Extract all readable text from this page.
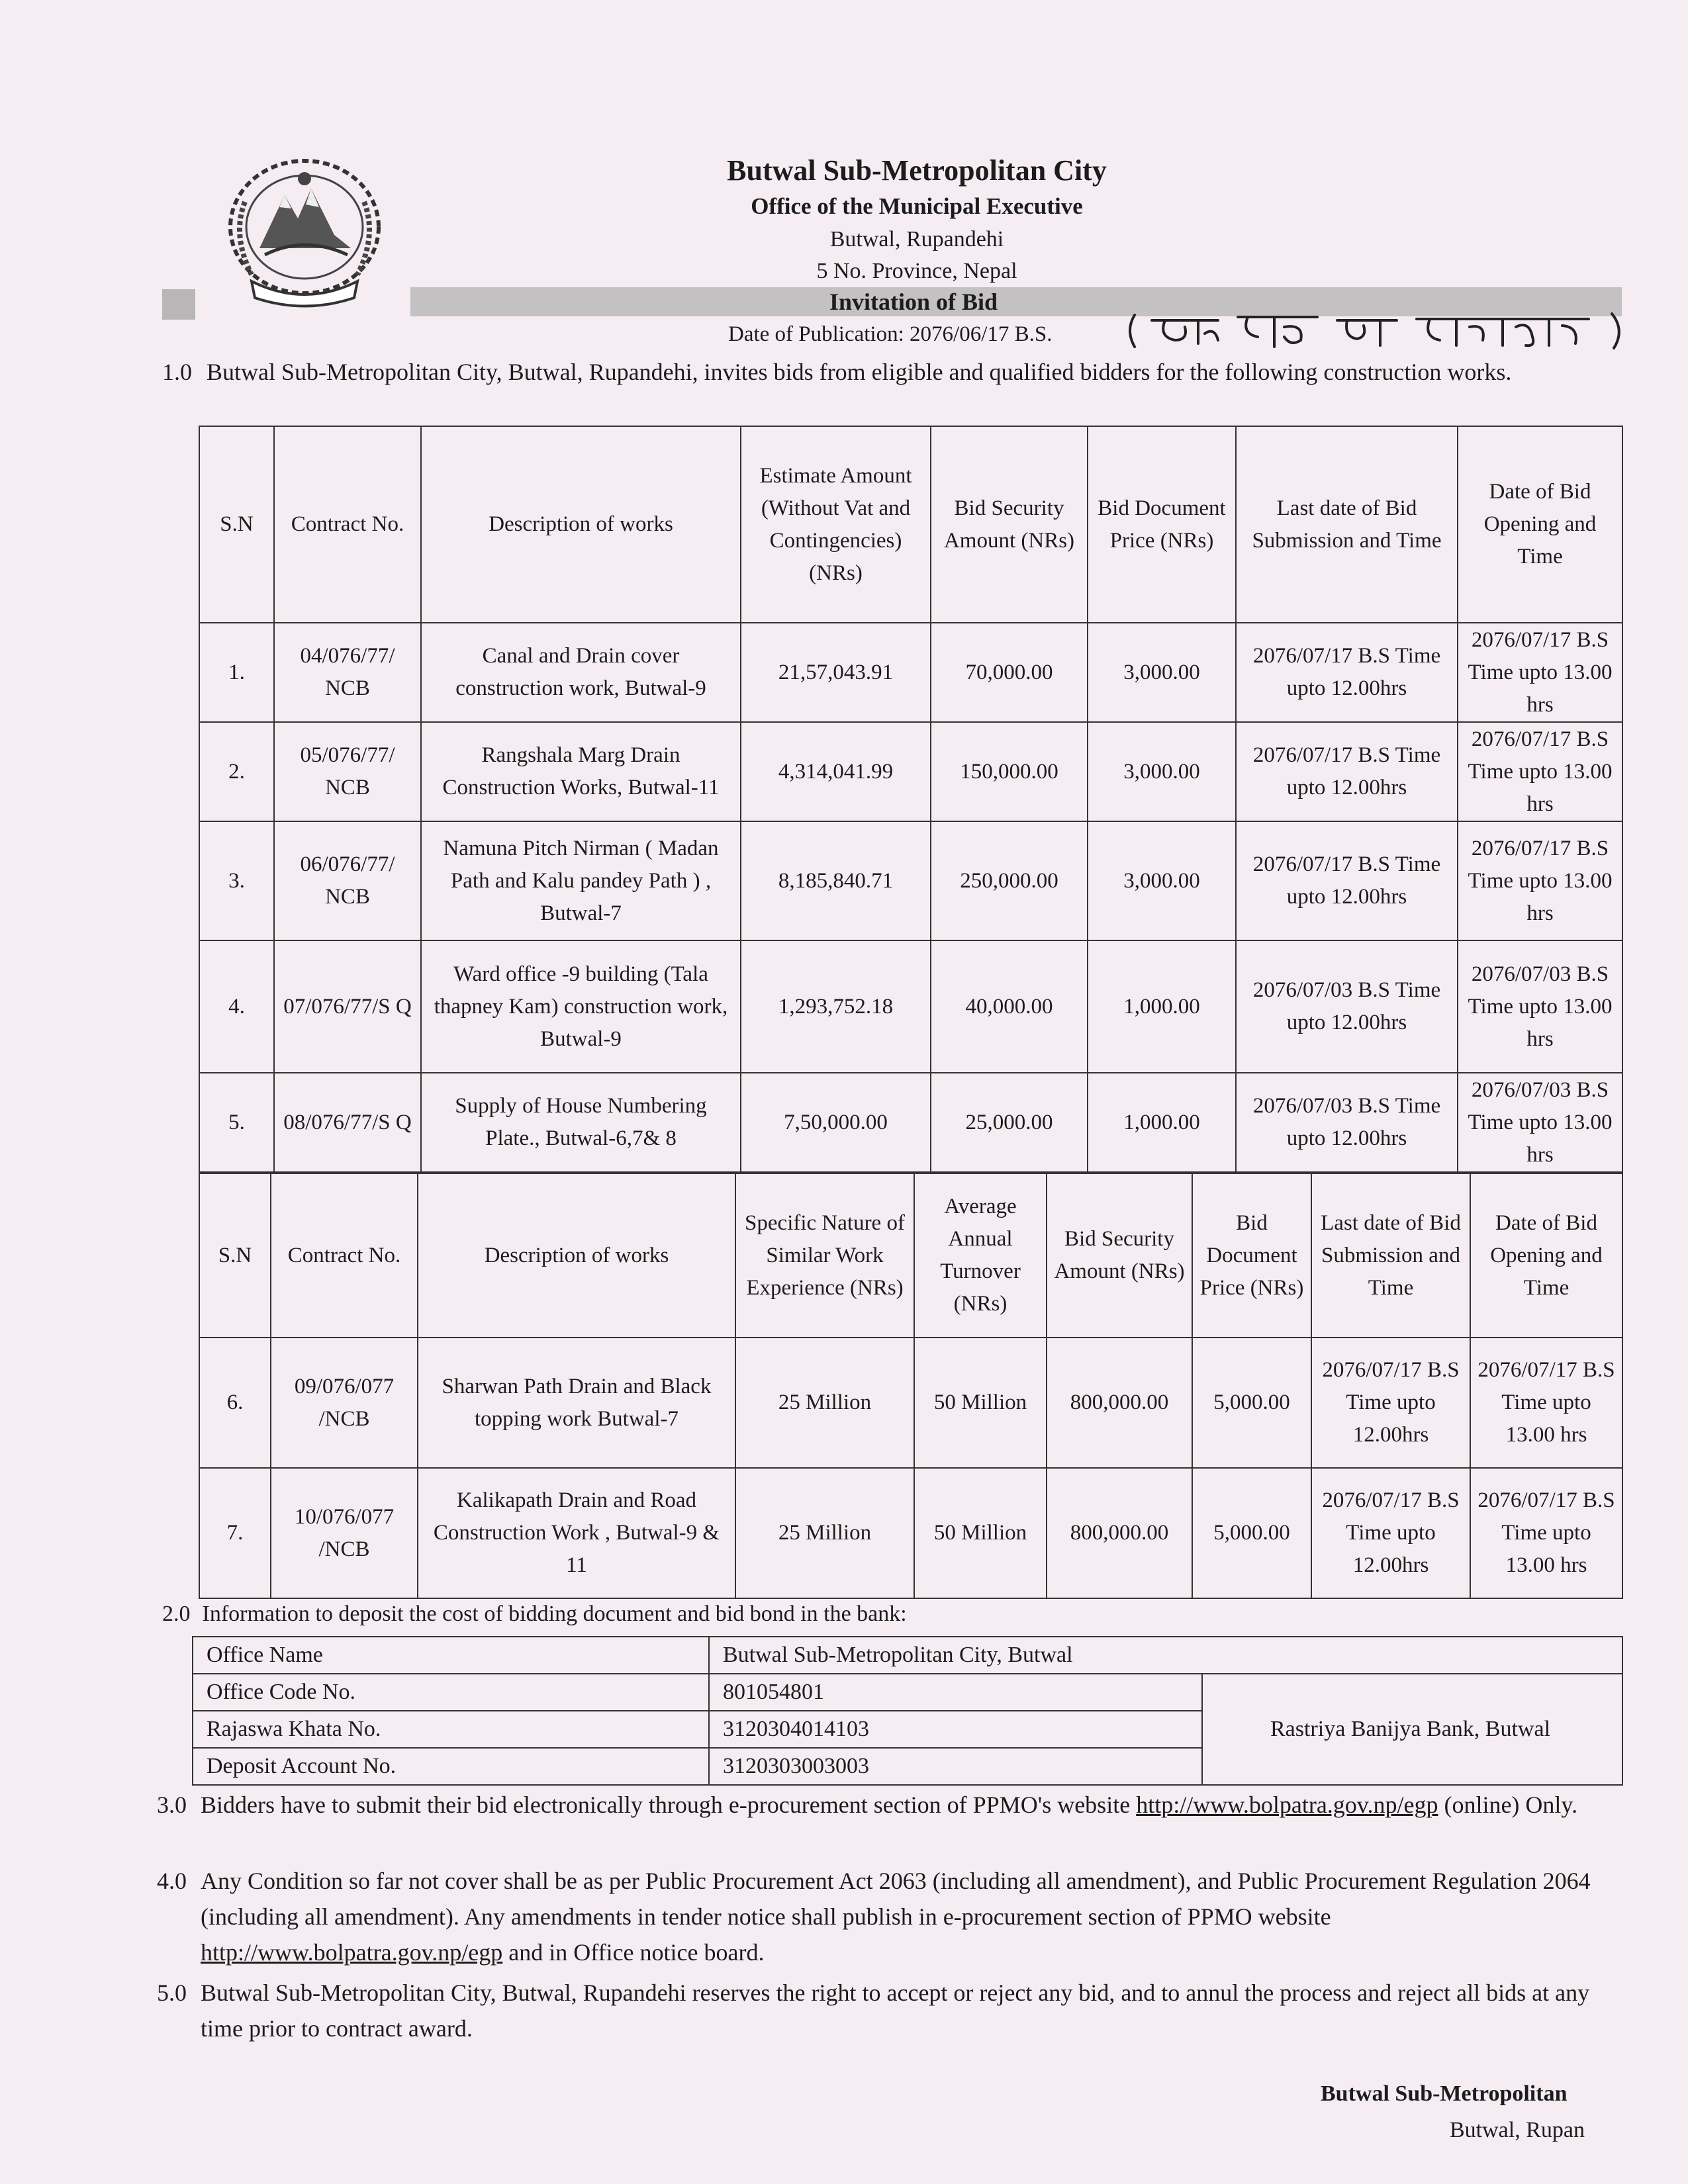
Butwal Sub-Metropolitan City
Office of the Municipal Executive
Butwal, Rupandehi
5 No. Province, Nepal
Invitation of Bid
Date of Publication: 2076/06/17 B.S.
1.0 Butwal Sub-Metropolitan City, Butwal, Rupandehi, invites bids from eligible and qualified bidders for the following construction works.
S.N	Contract No.	Description of works	Estimate Amount (Without Vat and Contingencies) (NRs)	Bid Security Amount (NRs)	Bid Document Price (NRs)	Last date of Bid Submission and Time	Date of Bid Opening and Time
1.	04/076/77/ NCB	Canal and Drain cover construction work, Butwal-9	21,57,043.91	70,000.00	3,000.00	2076/07/17 B.S Time upto 12.00hrs	2076/07/17 B.S Time upto 13.00 hrs
2.	05/076/77/ NCB	Rangshala Marg Drain Construction Works, Butwal-11	4,314,041.99	150,000.00	3,000.00	2076/07/17 B.S Time upto 12.00hrs	2076/07/17 B.S Time upto 13.00 hrs
3.	06/076/77/ NCB	Namuna Pitch Nirman ( Madan Path and Kalu pandey Path ) , Butwal-7	8,185,840.71	250,000.00	3,000.00	2076/07/17 B.S Time upto 12.00hrs	2076/07/17 B.S Time upto 13.00 hrs
4.	07/076/77/S Q	Ward office -9 building (Tala thapney Kam) construction work, Butwal-9	1,293,752.18	40,000.00	1,000.00	2076/07/03 B.S Time upto 12.00hrs	2076/07/03 B.S Time upto 13.00 hrs
5.	08/076/77/S Q	Supply of House Numbering Plate., Butwal-6,7& 8	7,50,000.00	25,000.00	1,000.00	2076/07/03 B.S Time upto 12.00hrs	2076/07/03 B.S Time upto 13.00 hrs
S.N	Contract No.	Description of works	Specific Nature of Similar Work Experience (NRs)	Average Annual Turnover (NRs)	Bid Security Amount (NRs)	Bid Document Price (NRs)	Last date of Bid Submission and Time	Date of Bid Opening and Time
6.	09/076/077 /NCB	Sharwan Path Drain and Black topping work Butwal-7	25 Million	50 Million	800,000.00	5,000.00	2076/07/17 B.S Time upto 12.00hrs	2076/07/17 B.S Time upto 13.00 hrs
7.	10/076/077 /NCB	Kalikapath Drain and Road Construction Work , Butwal-9 & 11	25 Million	50 Million	800,000.00	5,000.00	2076/07/17 B.S Time upto 12.00hrs	2076/07/17 B.S Time upto 13.00 hrs
2.0 Information to deposit the cost of bidding document and bid bond in the bank:
Office Name	Butwal Sub-Metropolitan City, Butwal	
Office Code No.	801054801	Rastriya Banijya Bank, Butwal
Rajaswa Khata No.	3120304014103	
Deposit Account No.	3120303003003	
3.0 Bidders have to submit their bid electronically through e-procurement section of PPMO's website http://www.bolpatra.gov.np/egp (online) Only.
4.0 Any Condition so far not cover shall be as per Public Procurement Act 2063 (including all amendment), and Public Procurement Regulation 2064 (including all amendment). Any amendments in tender notice shall publish in e-procurement section of PPMO website http://www.bolpatra.gov.np/egp and in Office notice board.
5.0 Butwal Sub-Metropolitan City, Butwal, Rupandehi reserves the right to accept or reject any bid, and to annul the process and reject all bids at any time prior to contract award.
Butwal Sub-Metropolitan
Butwal, Rupan
